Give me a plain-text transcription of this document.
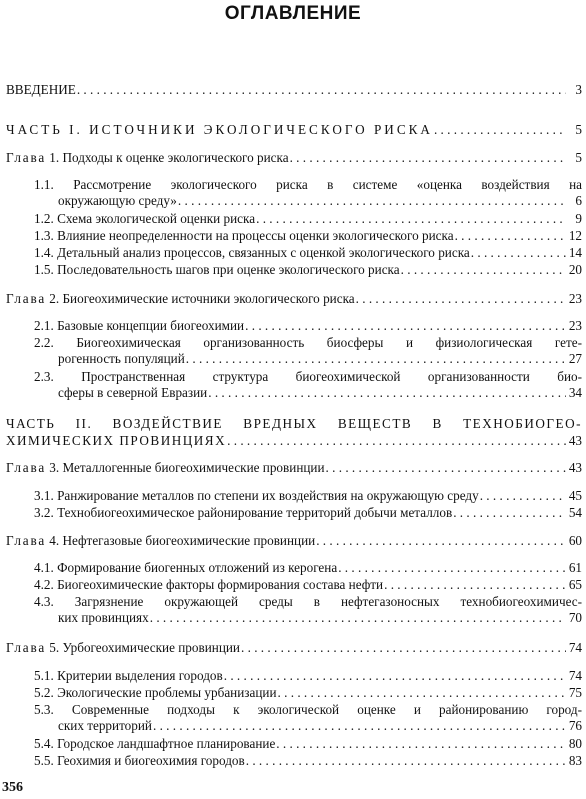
ОГЛАВЛЕНИЕ
ВВЕДЕНИЕ . . .	3
ЧАСТЬ I. ИСТОЧНИКИ ЭКОЛОГИЧЕСКОГО РИСКА . . .	5
Глава 1. Подходы к оценке экологического риска . . .	5
1.1. Рассмотрение экологического риска в системе «оценка воздействия на
окружающую среду» . . .	6
1.2. Схема экологической оценки риска . . .	9
1.3. Влияние неопределенности на процессы оценки экологического риска . . .	12
1.4. Детальный анализ процессов, связанных с оценкой экологического риска . . .	14
1.5. Последовательность шагов при оценке экологического риска . . .	20
Глава 2. Биогеохимические источники экологического риска . . .	23
2.1. Базовые концепции биогеохимии . . .	23
2.2. Биогеохимическая организованность биосферы и физиологическая гете-
рогенность популяций . . .	27
2.3. Пространственная структура биогеохимической организованности био-
сферы в северной Евразии . . .	34
ЧАСТЬ II. ВОЗДЕЙСТВИЕ ВРЕДНЫХ ВЕЩЕСТВ В ТЕХНОБИОГЕО-
ХИМИЧЕСКИХ ПРОВИНЦИЯХ . . .	43
Глава 3. Металлогенные биогеохимические провинции . . .	43
3.1. Ранжирование металлов по степени их воздействия на окружающую среду . . .	45
3.2. Технобиогеохимическое районирование территорий добычи металлов . . .	54
Глава 4. Нефтегазовые биогеохимические провинции . . .	60
4.1. Формирование биогенных отложений из керогена . . .	61
4.2. Биогеохимические факторы формирования состава нефти . . .	65
4.3. Загрязнение окружающей среды в нефтегазоносных технобиогеохимичес-
ких провинциях . . .	70
Глава 5. Урбогеохимические провинции . . .	74
5.1. Критерии выделения городов . . .	74
5.2. Экологические проблемы урбанизации . . .	75
5.3. Современные подходы к экологической оценке и районированию город-
ских территорий . . .	76
5.4. Городское ландшафтное планирование . . .	80
5.5. Геохимия и биогеохимия городов . . .	83
356
